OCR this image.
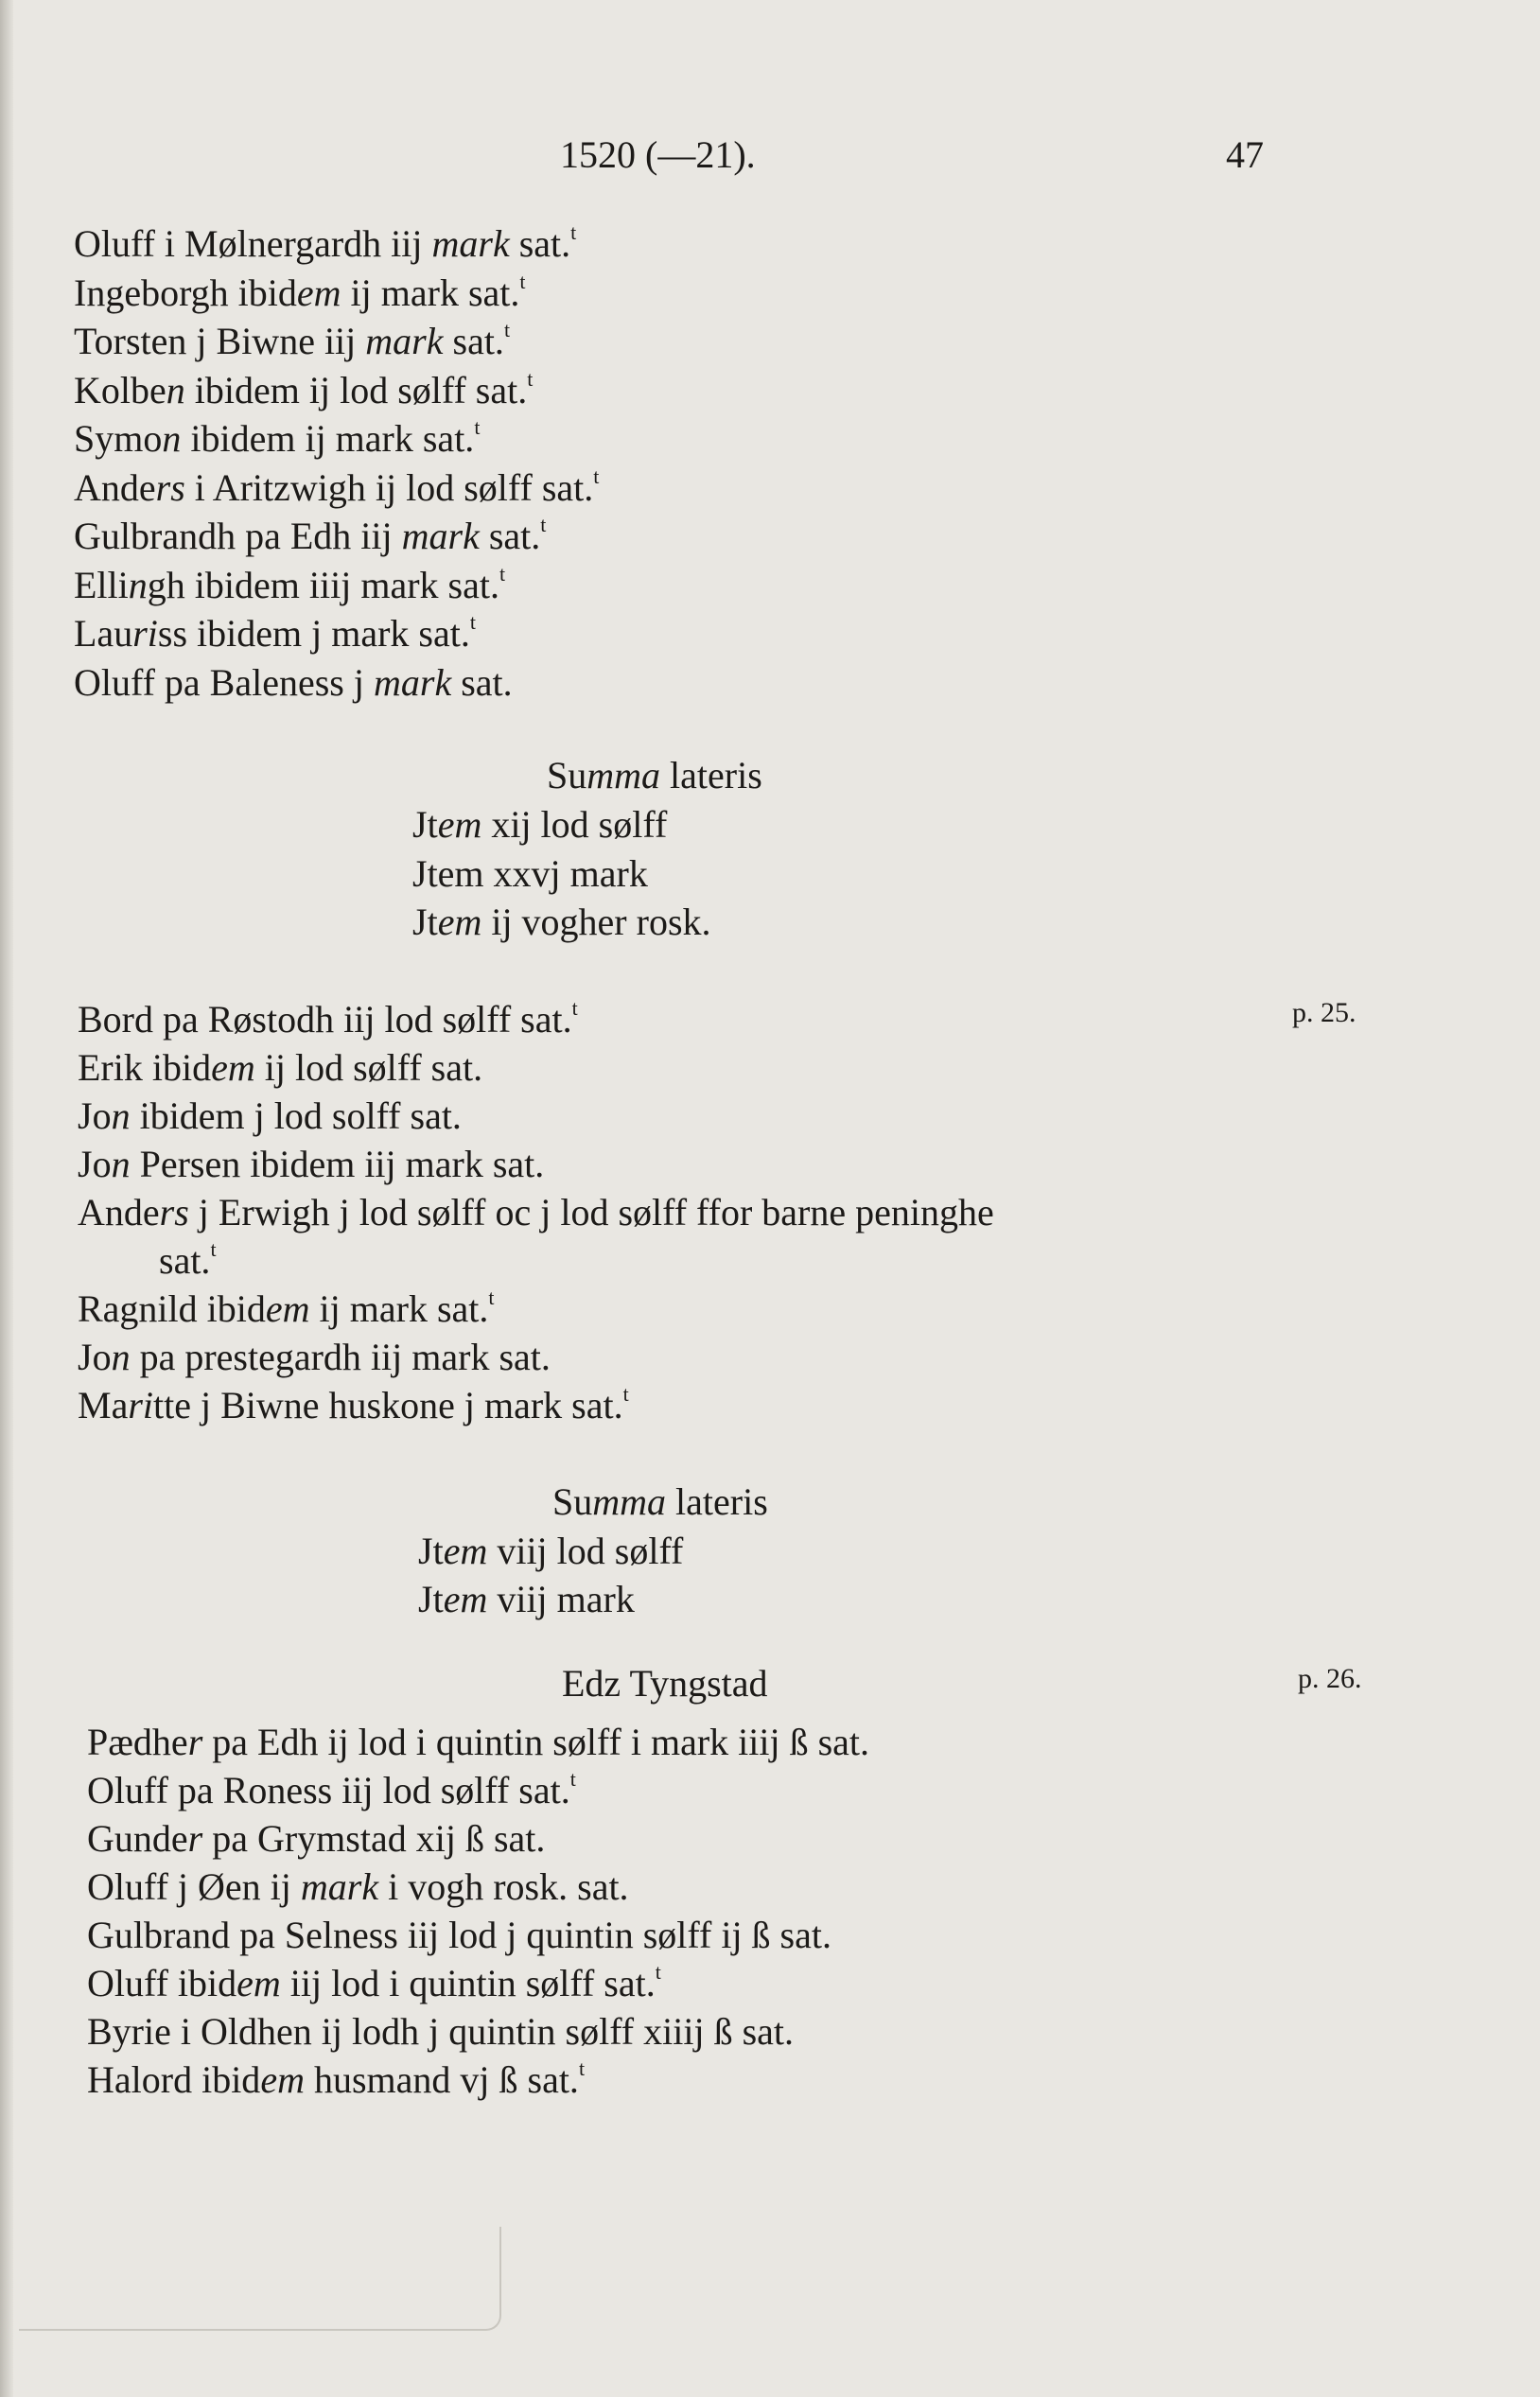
1520 (—21).	47
Oluff i Mølnergardh iij mark sat.$^t$
Ingeborgh ibidem ij mark sat.$^t$
Torsten j Biwne iij mark sat.$^t$
Kolben ibidem ij lod sølff sat.$^t$
Symon ibidem ij mark sat.$^t$
Anders i Aritzwigh ij lod sølff sat.$^t$
Gulbrandh pa Edh iij mark sat.$^t$
Ellingh ibidem iiij mark sat.$^t$
Lauriss ibidem j mark sat.$^t$
Oluff pa Baleness j mark sat.
Summa lateris
Jtem xij lod sølff
Jtem xxvj mark
Jtem ij vogher rosk.
Bord pa Røstodh iij lod sølff sat.$^t$
Erik ibidem ij lod sølff sat.
Jon ibidem j lod solff sat.
Jon Persen ibidem iij mark sat.
Anders j Erwigh j lod sølff oc j lod sølff ffor barne peninghe
sat.$^t$
Ragnild ibidem ij mark sat.$^t$
Jon pa prestegardh iij mark sat.
Maritte j Biwne huskone j mark sat.$^t$
p. 25.
Summa lateris
Jtem viij lod sølff
Jtem viij mark
Edz Tyngstad	p. 26.
Pædher pa Edh ij lod i quintin sølff i mark iiij ß sat.
Oluff pa Roness iij lod sølff sat.$^t$
Gunder pa Grymstad xij ß sat.
Oluff j Øen ij mark i vogh rosk. sat.
Gulbrand pa Selness iij lod j quintin sølff ij ß sat.
Oluff ibidem iij lod i quintin sølff sat.$^t$
Byrie i Oldhen ij lodh j quintin sølff xiiij ß sat.
Halord ibidem husmand vj ß sat.$^t$
